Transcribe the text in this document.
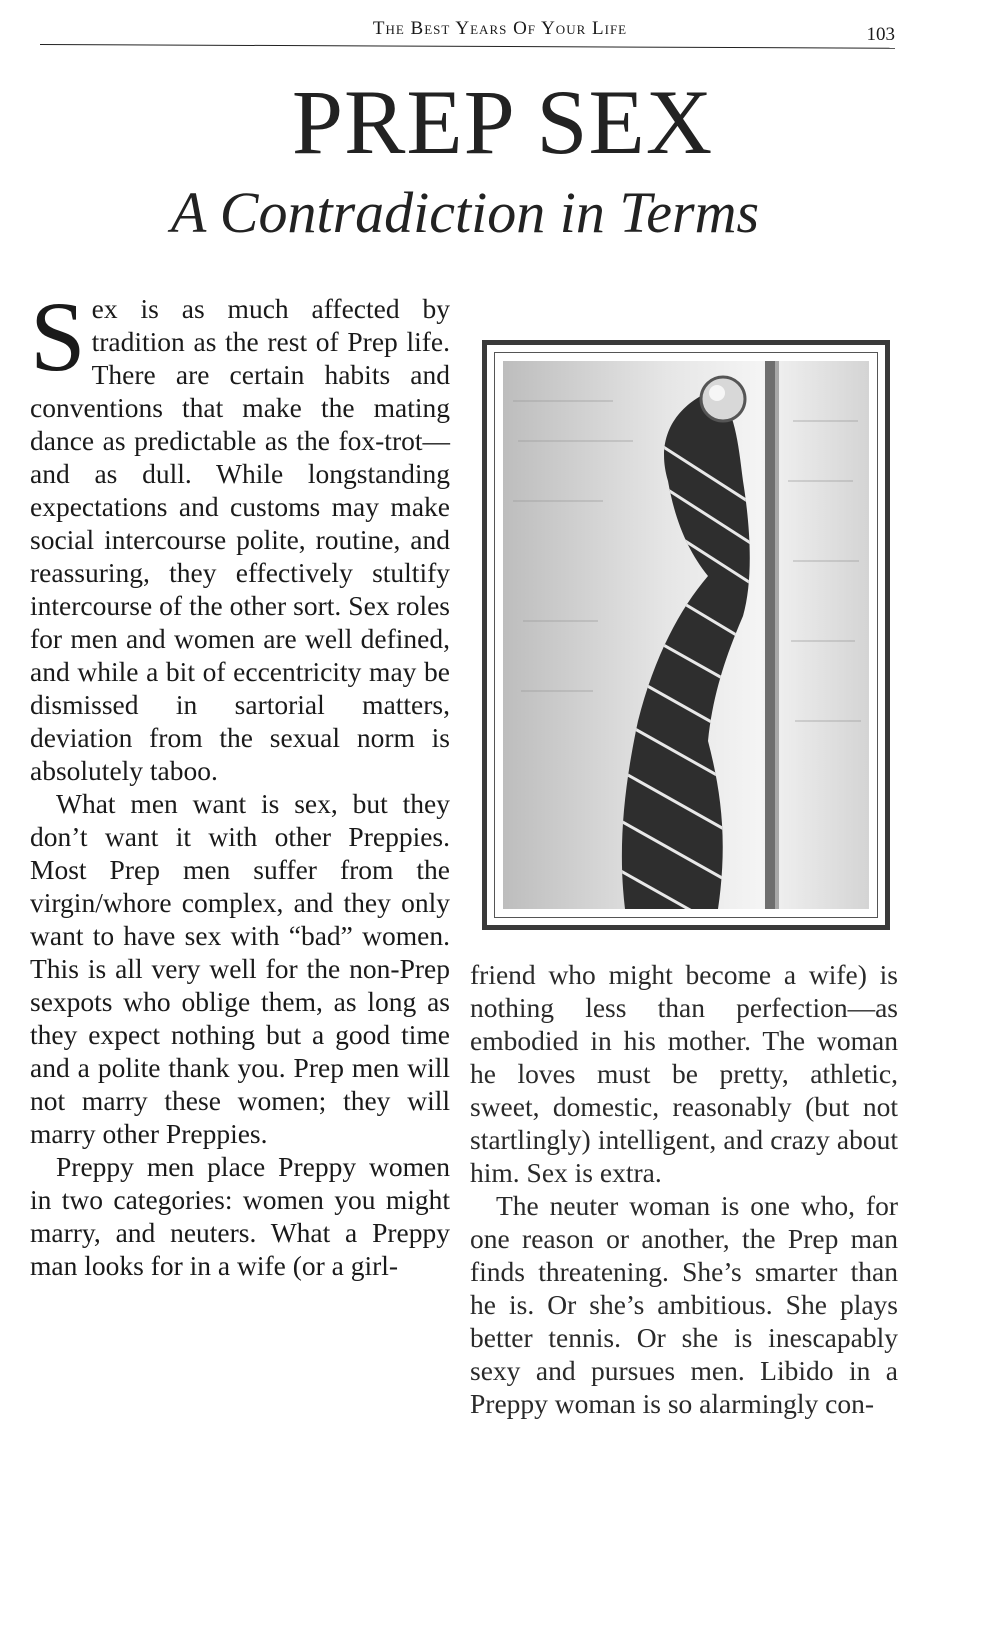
The Best Years Of Your Life	103
PREP SEX
A Contradiction in Terms

Sex is as much affected by tradition as the rest of Prep life. There are certain habits and conventions that make the mating dance as predictable as the fox-trot—and as dull. While longstanding expectations and customs may make social intercourse polite, routine, and reassuring, they effectively stultify intercourse of the other sort. Sex roles for men and women are well defined, and while a bit of eccentricity may be dismissed in sartorial matters, deviation from the sexual norm is absolutely taboo.

What men want is sex, but they don’t want it with other Preppies. Most Prep men suffer from the virgin/whore complex, and they only want to have sex with “bad” women. This is all very well for the non-Prep sexpots who oblige them, as long as they expect nothing but a good time and a polite thank you. Prep men will not marry these women; they will marry other Preppies.

Preppy men place Preppy women in two categories: women you might marry, and neuters. What a Preppy man looks for in a wife (or a girl-

friend who might become a wife) is nothing less than perfection—as embodied in his mother. The woman he loves must be pretty, athletic, sweet, domestic, reasonably (but not startlingly) intelligent, and crazy about him. Sex is extra.

The neuter woman is one who, for one reason or another, the Prep man finds threatening. She’s smarter than he is. Or she’s ambitious. She plays better tennis. Or she is inescapably sexy and pursues men. Libido in a Preppy woman is so alarmingly con-
